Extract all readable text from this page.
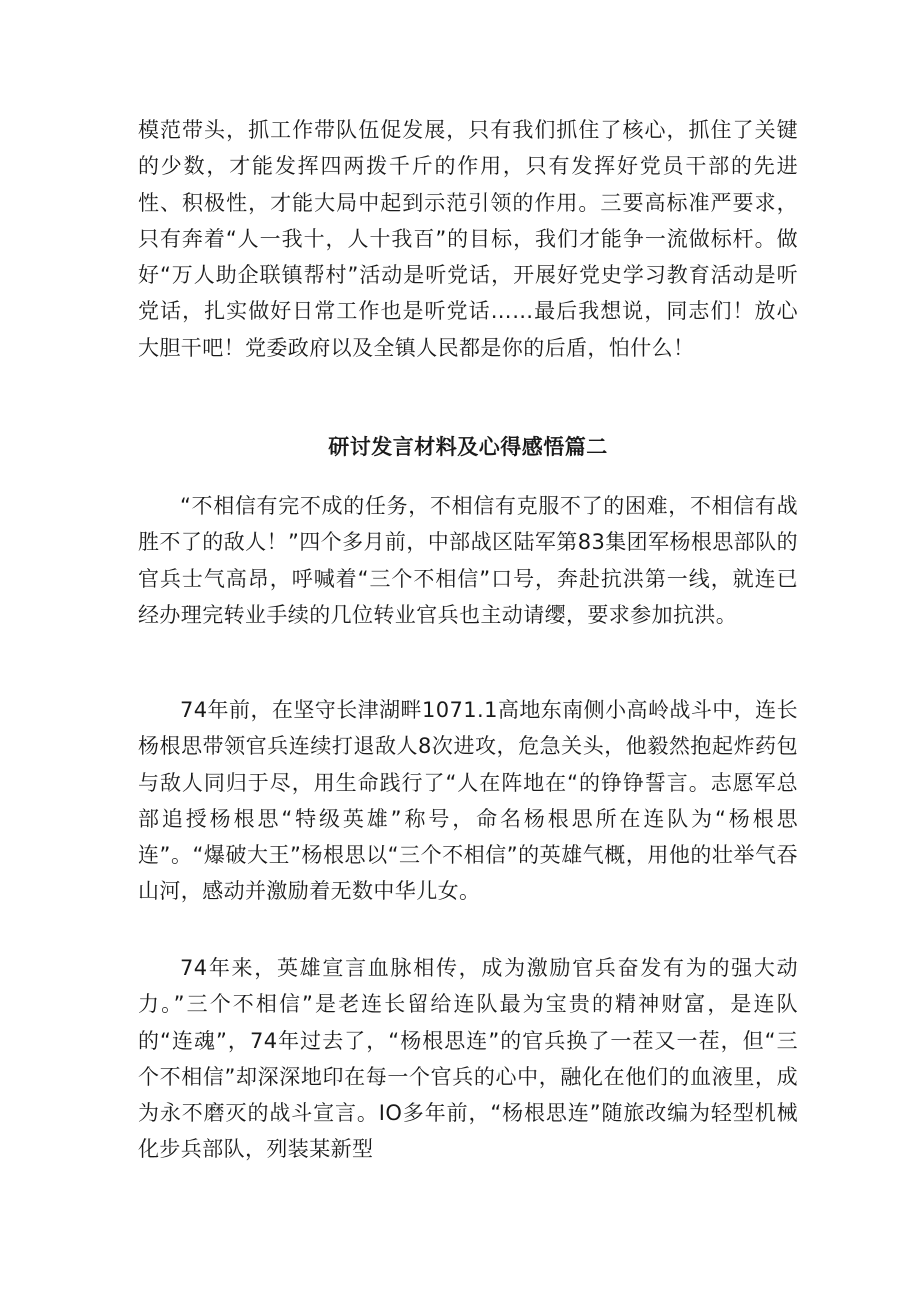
模范带头，抓工作带队伍促发展，只有我们抓住了核心，抓住了关键的少数，才能发挥四两拨千斤的作用，只有发挥好党员干部的先进性、积极性，才能大局中起到示范引领的作用。三要高标准严要求，只有奔着“人一我十，人十我百”的目标，我们才能争一流做标杆。做好“万人助企联镇帮村”活动是听党话，开展好党史学习教育活动是听党话，扎实做好日常工作也是听党话……最后我想说，同志们！放心大胆干吧！党委政府以及全镇人民都是你的后盾，怕什么！
研讨发言材料及心得感悟篇二
“不相信有完不成的任务，不相信有克服不了的困难，不相信有战胜不了的敌人！”四个多月前，中部战区陆军第83集团军杨根思部队的官兵士气高昂，呼喊着“三个不相信”口号，奔赴抗洪第一线，就连已经办理完转业手续的几位转业官兵也主动请缨，要求参加抗洪。
74年前，在坚守长津湖畔1071.1高地东南侧小高岭战斗中，连长杨根思带领官兵连续打退敌人8次进攻，危急关头，他毅然抱起炸药包与敌人同归于尽，用生命践行了“人在阵地在“的铮铮誓言。志愿军总部追授杨根思“特级英雄”称号，命名杨根思所在连队为“杨根思连”。“爆破大王”杨根思以“三个不相信”的英雄气概，用他的壮举气吞山河，感动并激励着无数中华儿女。
74年来，英雄宣言血脉相传，成为激励官兵奋发有为的强大动力。”三个不相信”是老连长留给连队最为宝贵的精神财富，是连队的“连魂”，74年过去了，“杨根思连”的官兵换了一茬又一茬，但“三个不相信”却深深地印在每一个官兵的心中，融化在他们的血液里，成为永不磨灭的战斗宣言。IO多年前，“杨根思连”随旅改编为轻型机械化步兵部队，列装某新型
